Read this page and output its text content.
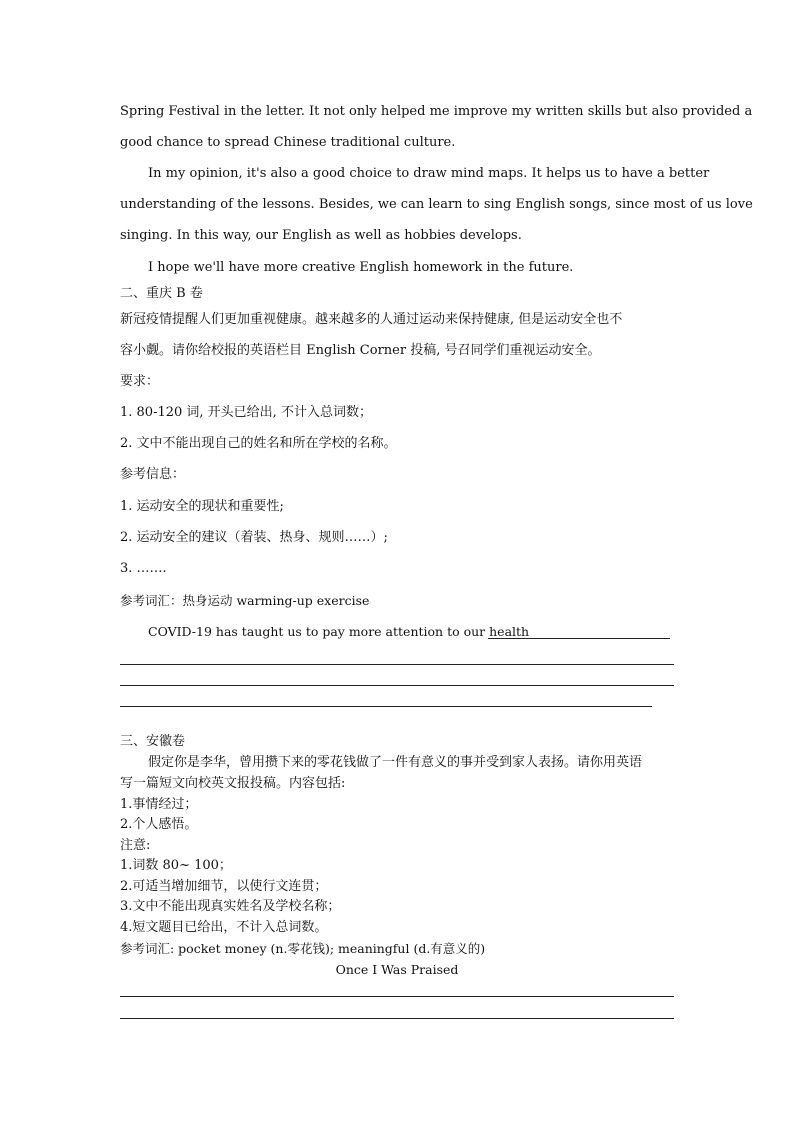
Spring Festival in the letter. It not only helped me improve my written skills but also provided a
good chance to spread Chinese traditional culture.
In my opinion, it's also a good choice to draw mind maps. It helps us to have a better
understanding of the lessons. Besides, we can learn to sing English songs, since most of us love
singing. In this way, our English as well as hobbies develops.
I hope we'll have more creative English homework in the future.
二、重庆 B 卷
新冠疫情提醒人们更加重视健康。越来越多的人通过运动来保持健康, 但是运动安全也不
容小觑。请你给校报的英语栏目 English Corner 投稿, 号召同学们重视运动安全。
要求：
1. 80-120 词, 开头已给出, 不计入总词数；
2. 文中不能出现自己的姓名和所在学校的名称。
参考信息：
1. 运动安全的现状和重要性;
2. 运动安全的建议（着装、热身、规则……）;
3. …….
参考词汇：热身运动 warming-up exercise
COVID-19 has taught us to pay more attention to our health
三、安徽卷
假定你是李华，曾用攒下来的零花钱做了一件有意义的事并受到家人表扬。请你用英语
写一篇短文向校英文报投稿。内容包括:
1.事情经过；
2.个人感悟。
注意:
1.词数 80~ 100；
2.可适当增加细节，以使行文连贯；
3.文中不能出现真实姓名及学校名称；
4.短文题目已给出，不计入总词数。
参考词汇: pocket money (n.零花钱); meaningful (d.有意义的)
Once I Was Praised
